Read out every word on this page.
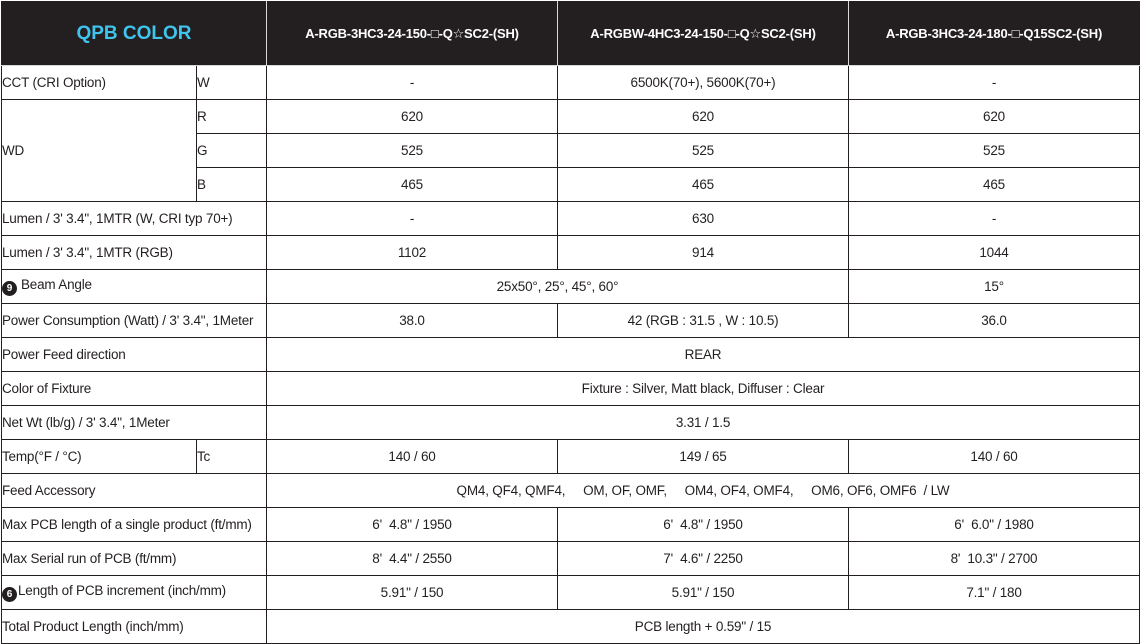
QPB COLOR		A-RGB-3HC3-24-150-□-Q☆SC2-(SH)	A-RGBW-4HC3-24-150-□-Q☆SC2-(SH)	A-RGB-3HC3-24-180-□-Q15SC2-(SH)
CCT (CRI Option)	W	-	6500K(70+), 5600K(70+)	-
WD	R	620	620	620
	G	525	525	525
	B	465	465	465
Lumen / 3' 3.4", 1MTR (W, CRI typ 70+)		-	630	-
Lumen / 3' 3.4", 1MTR (RGB)		1102	914	1044
9 Beam Angle		25x50°, 25°, 45°, 60°		15°
Power Consumption (Watt) / 3' 3.4", 1Meter		38.0	42 (RGB : 31.5 , W : 10.5)	36.0
Power Feed direction		REAR		
Color of Fixture		Fixture : Silver, Matt black, Diffuser : Clear		
Net Wt (lb/g) / 3' 3.4", 1Meter		3.31 / 1.5		
Temp(°F / °C)	Tc	140 / 60	149 / 65	140 / 60
Feed Accessory		QM4, QF4, QMF4,     OM, OF, OMF,     OM4, OF4, OMF4,     OM6, OF6, OMF6  / LW		
Max PCB length of a single product (ft/mm)		6'  4.8" / 1950	6'  4.8" / 1950	6'  6.0" / 1980
Max Serial run of PCB (ft/mm)		8'  4.4" / 2550	7'  4.6" / 2250	8'  10.3" / 2700
6 Length of PCB increment (inch/mm)		5.91" / 150	5.91" / 150	7.1" / 180
Total Product Length (inch/mm)		PCB length + 0.59" / 15		
